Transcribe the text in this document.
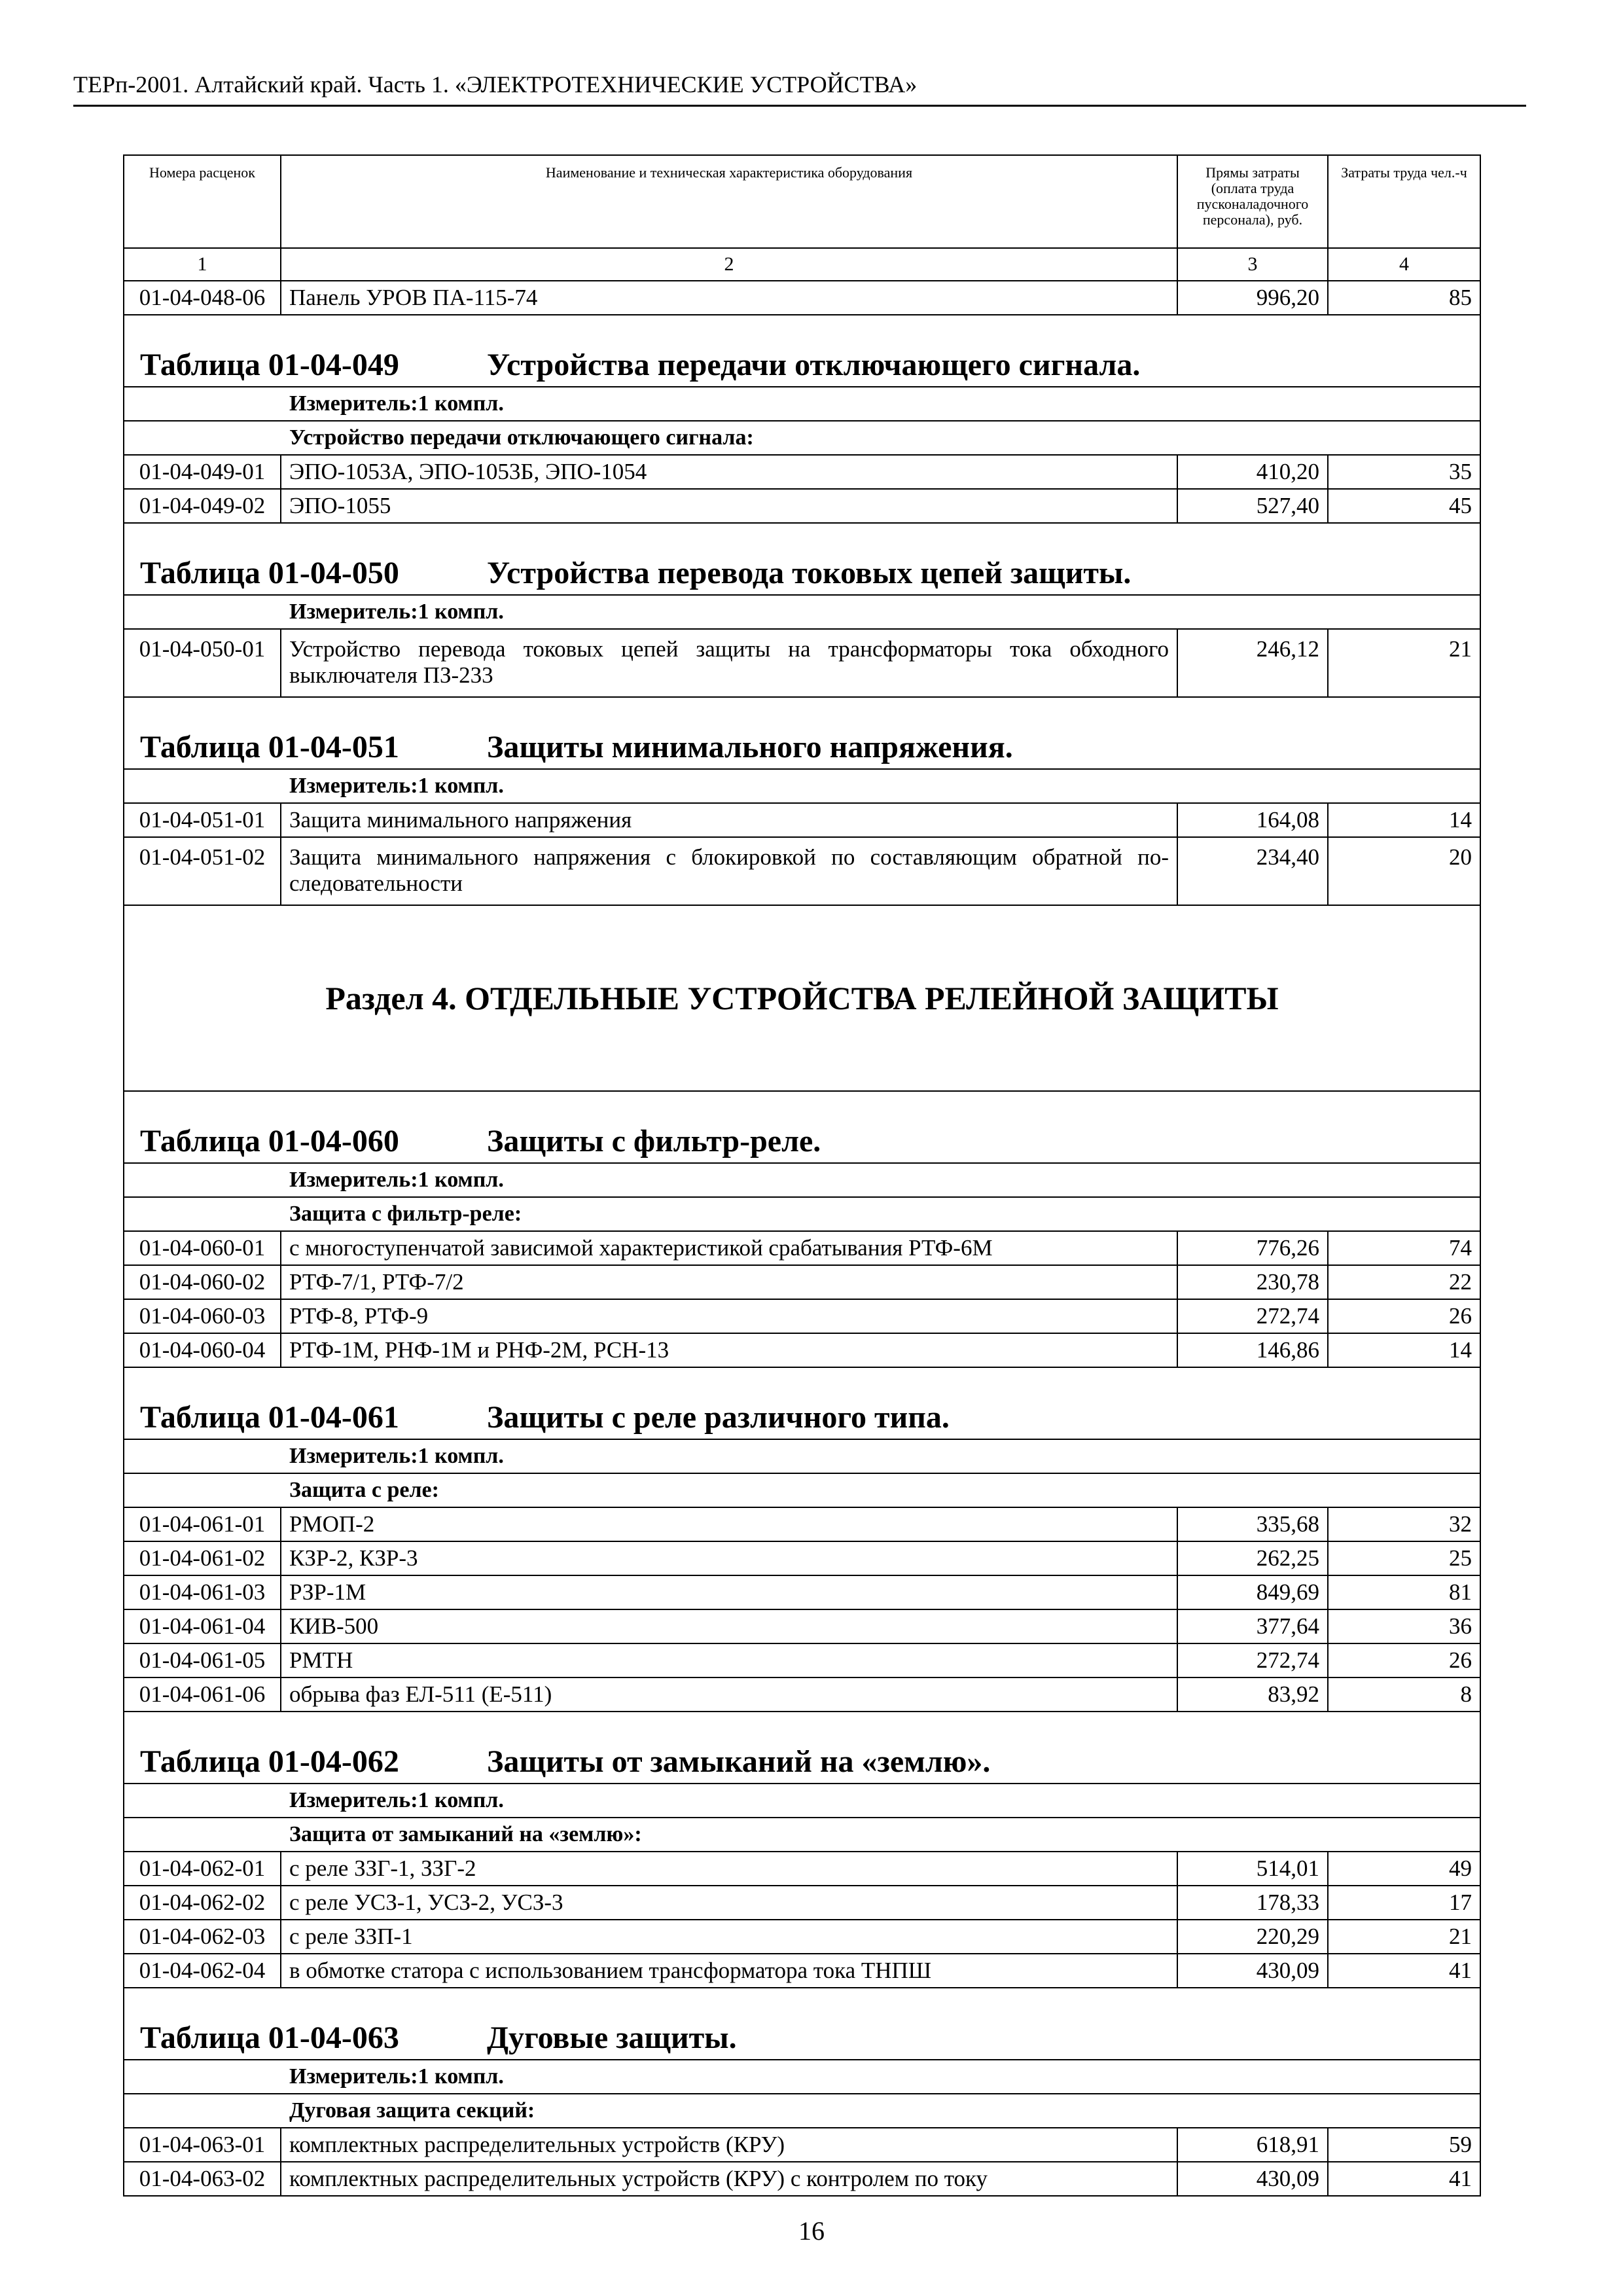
ТЕРп-2001. Алтайский край. Часть 1. «ЭЛЕКТРОТЕХНИЧЕСКИЕ УСТРОЙСТВА»
Номера расценок	Наименование и техническая характеристика оборудования	Прямы затраты (оплата труда пусконаладочного персонала), руб.	Затраты труда чел.-ч
1	2	3	4
01-04-048-06	Панель УРОВ ПА-115-74	996,20	85
Таблица 01-04-049 Устройства передачи отключающего сигнала.			
Измеритель:1 компл.			
Устройство передачи отключающего сигнала:			
01-04-049-01	ЭПО-1053А, ЭПО-1053Б, ЭПО-1054	410,20	35
01-04-049-02	ЭПО-1055	527,40	45
Таблица 01-04-050 Устройства перевода токовых цепей защиты.			
Измеритель:1 компл.			
01-04-050-01	Устройство перевода токовых цепей защиты на трансформаторы тока обходного выключателя ПЗ-233	246,12	21
Таблица 01-04-051 Защиты минимального напряжения.			
Измеритель:1 компл.			
01-04-051-01	Защита минимального напряжения	164,08	14
01-04-051-02	Защита минимального напряжения с блокировкой по составляющим обратной по-следовательности	234,40	20
Раздел 4. ОТДЕЛЬНЫЕ УСТРОЙСТВА РЕЛЕЙНОЙ ЗАЩИТЫ			
Таблица 01-04-060 Защиты с фильтр-реле.			
Измеритель:1 компл.			
Защита с фильтр-реле:			
01-04-060-01	с многоступенчатой зависимой характеристикой срабатывания РТФ-6М	776,26	74
01-04-060-02	РТФ-7/1, РТФ-7/2	230,78	22
01-04-060-03	РТФ-8, РТФ-9	272,74	26
01-04-060-04	РТФ-1М, РНФ-1М и РНФ-2М, РСН-13	146,86	14
Таблица 01-04-061 Защиты с реле различного типа.			
Измеритель:1 компл.			
Защита с реле:			
01-04-061-01	РМОП-2	335,68	32
01-04-061-02	КЗР-2, КЗР-3	262,25	25
01-04-061-03	РЗР-1М	849,69	81
01-04-061-04	КИВ-500	377,64	36
01-04-061-05	РМТН	272,74	26
01-04-061-06	обрыва фаз ЕЛ-511 (Е-511)	83,92	8
Таблица 01-04-062 Защиты от замыканий на «землю».			
Измеритель:1 компл.			
Защита от замыканий на «землю»:			
01-04-062-01	с реле ЗЗГ-1, ЗЗГ-2	514,01	49
01-04-062-02	с реле УСЗ-1, УСЗ-2, УСЗ-3	178,33	17
01-04-062-03	с реле ЗЗП-1	220,29	21
01-04-062-04	в обмотке статора с использованием трансформатора тока ТНПШ	430,09	41
Таблица 01-04-063 Дуговые защиты.			
Измеритель:1 компл.			
Дуговая защита секций:			
01-04-063-01	комплектных распределительных устройств (КРУ)	618,91	59
01-04-063-02	комплектных распределительных устройств (КРУ) с контролем по току	430,09	41
16
